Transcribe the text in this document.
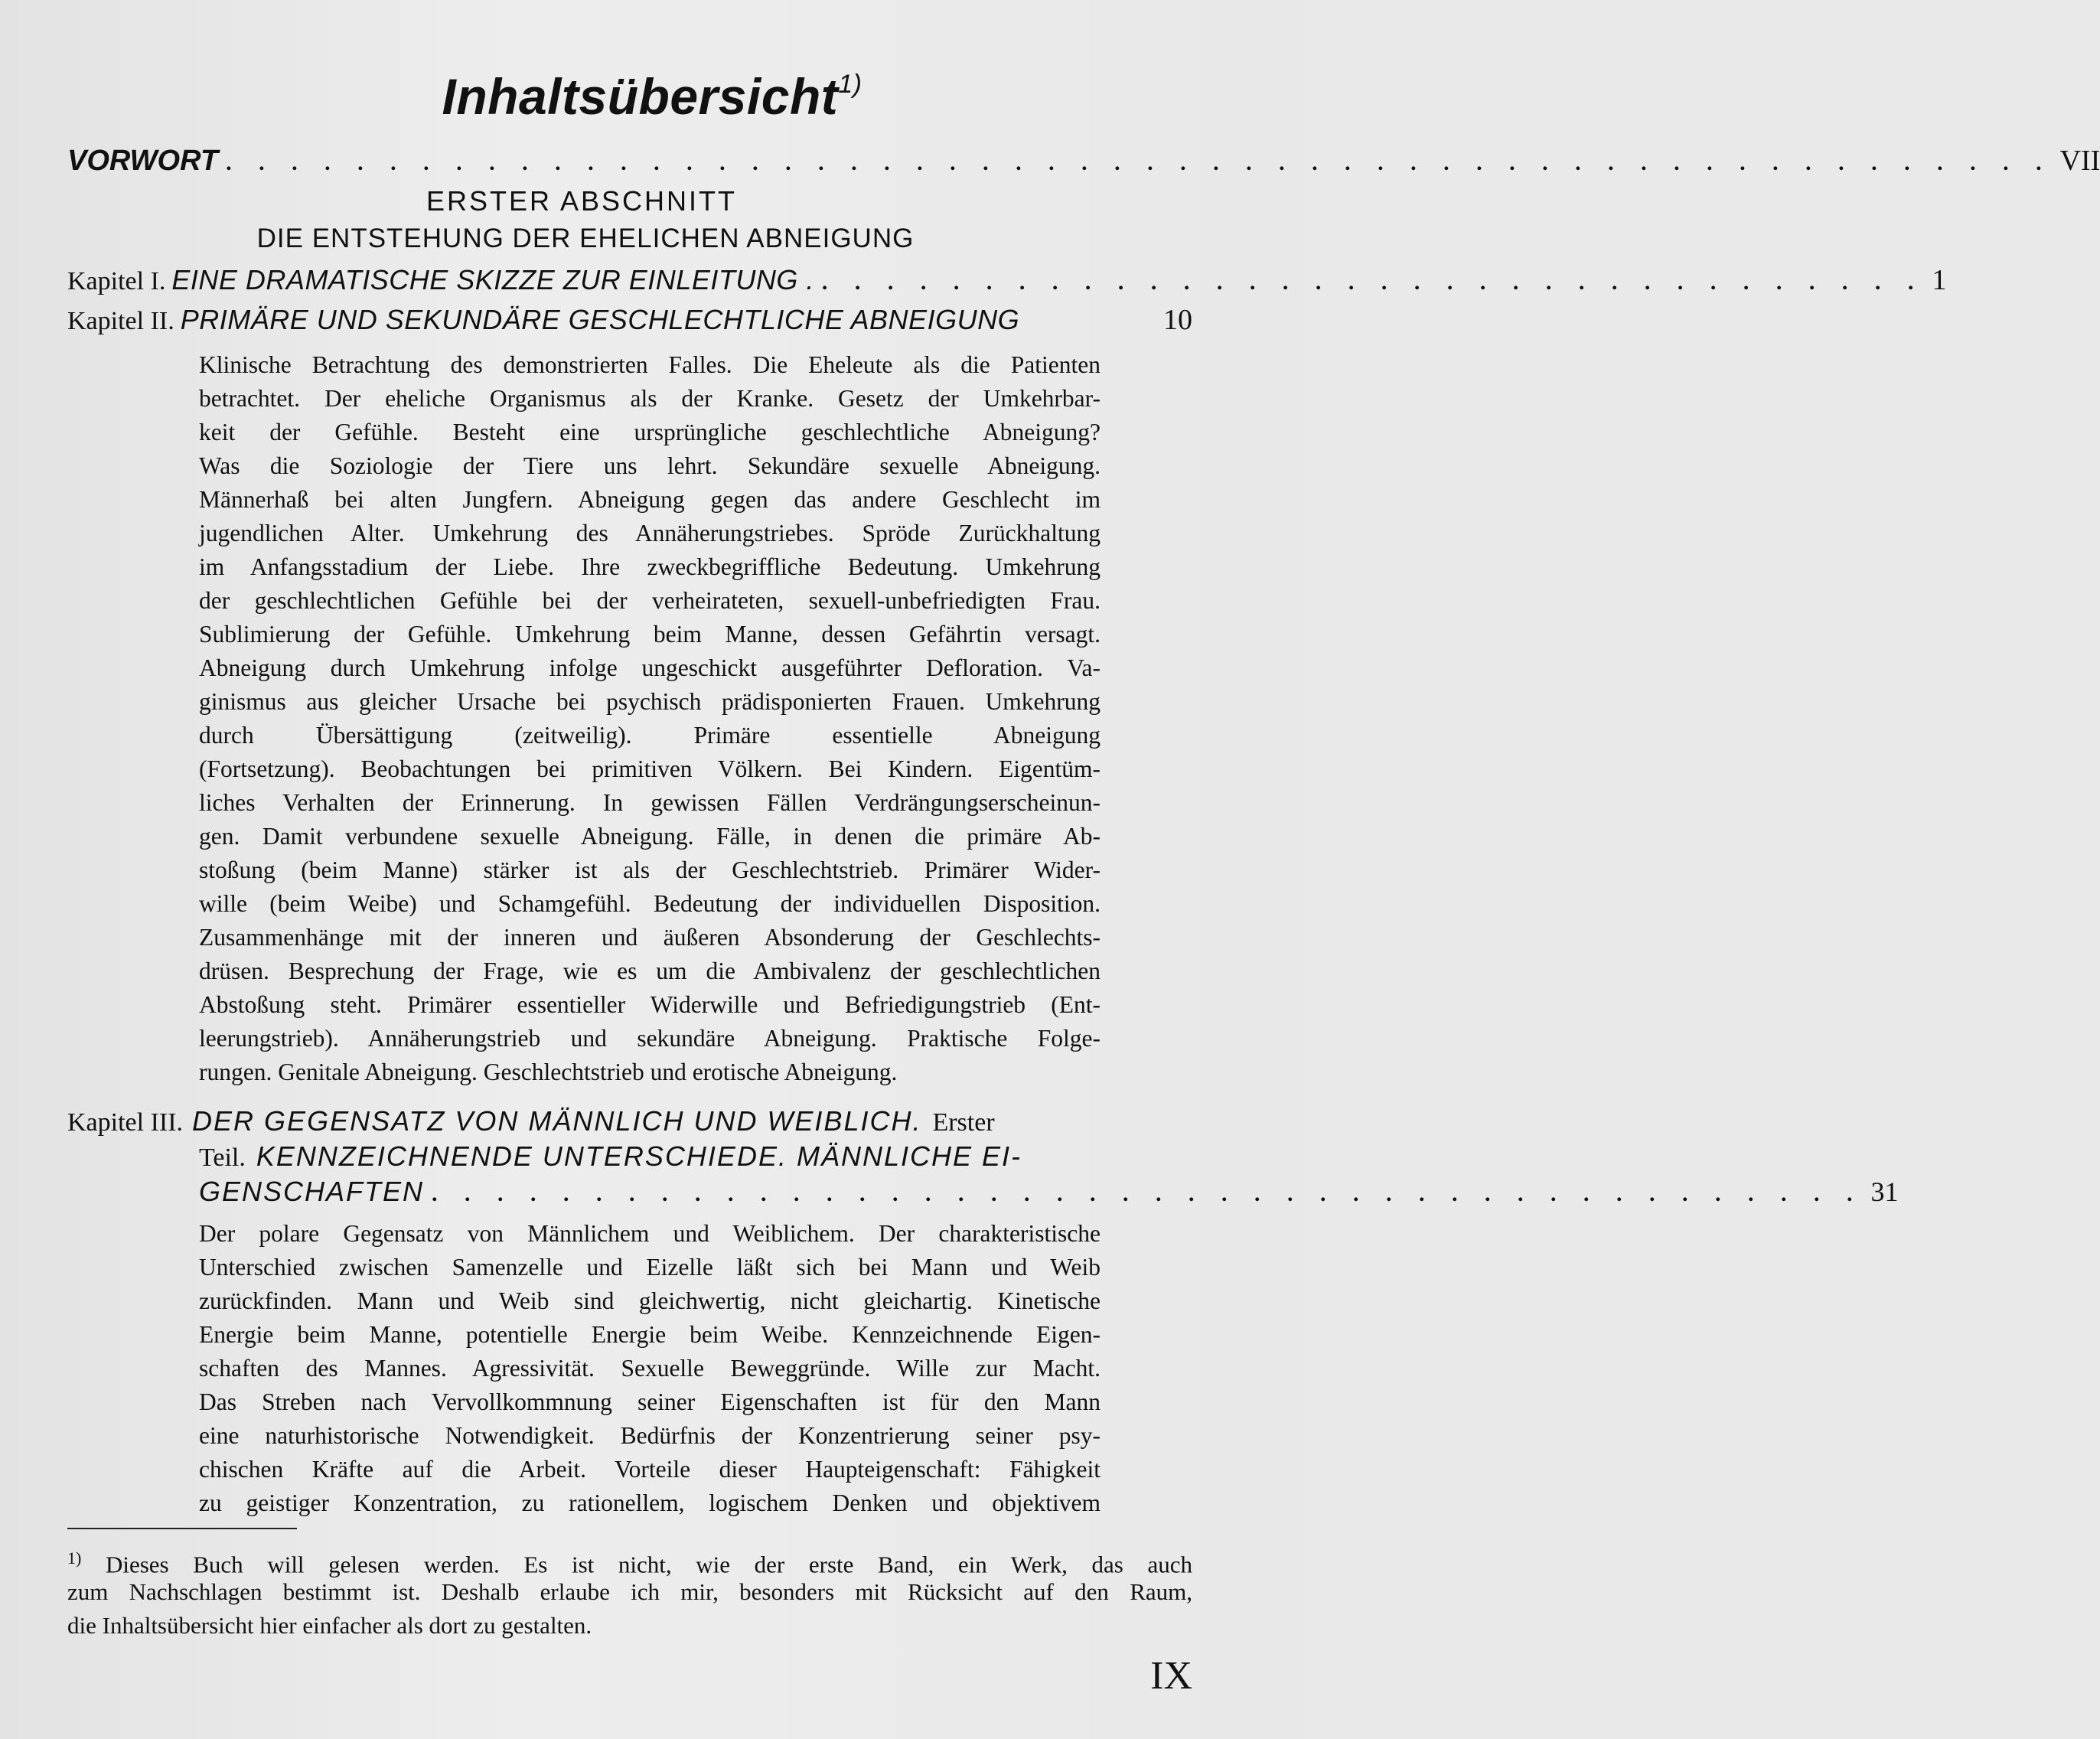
Inhaltsübersicht$^{1)}$
VORWORT . . . . . . . . . . . . . . . . . . . . . . . . . . . . . . . . . . . . . . . . . . . . . . . . . . . . . . . . VII
ERSTER ABSCHNITT
DIE ENTSTEHUNG DER EHELICHEN ABNEIGUNG
Kapitel I. EINE DRAMATISCHE SKIZZE ZUR EINLEITUNG . . . . . . . . . . . . . . . . . . . . . . . . . . . . . . . . . . . 1
Kapitel II. PRIMÄRE UND SEKUNDÄRE GESCHLECHTLICHE ABNEIGUNG	10
Klinische Betrachtung des demonstrierten Falles. Die Eheleute als die Patienten
betrachtet. Der eheliche Organismus als der Kranke. Gesetz der Umkehrbar-
keit der Gefühle. Besteht eine ursprüngliche geschlechtliche Abneigung?
Was die Soziologie der Tiere uns lehrt. Sekundäre sexuelle Abneigung.
Männerhaß bei alten Jungfern. Abneigung gegen das andere Geschlecht im
jugendlichen Alter. Umkehrung des Annäherungstriebes. Spröde Zurückhaltung
im Anfangsstadium der Liebe. Ihre zweckbegriffliche Bedeutung. Umkehrung
der geschlechtlichen Gefühle bei der verheirateten, sexuell-unbefriedigten Frau.
Sublimierung der Gefühle. Umkehrung beim Manne, dessen Gefährtin versagt.
Abneigung durch Umkehrung infolge ungeschickt ausgeführter Defloration. Va-
ginismus aus gleicher Ursache bei psychisch prädisponierten Frauen. Umkehrung
durch Übersättigung (zeitweilig). Primäre essentielle Abneigung
(Fortsetzung). Beobachtungen bei primitiven Völkern. Bei Kindern. Eigentüm-
liches Verhalten der Erinnerung. In gewissen Fällen Verdrängungserscheinun-
gen. Damit verbundene sexuelle Abneigung. Fälle, in denen die primäre Ab-
stoßung (beim Manne) stärker ist als der Geschlechtstrieb. Primärer Wider-
wille (beim Weibe) und Schamgefühl. Bedeutung der individuellen Disposition.
Zusammenhänge mit der inneren und äußeren Absonderung der Geschlechts-
drüsen. Besprechung der Frage, wie es um die Ambivalenz der geschlechtlichen
Abstoßung steht. Primärer essentieller Widerwille und Befriedigungstrieb (Ent-
leerungstrieb). Annäherungstrieb und sekundäre Abneigung. Praktische Folge-
rungen. Genitale Abneigung. Geschlechtstrieb und erotische Abneigung.
Kapitel III. DER GEGENSATZ VON MÄNNLICH UND WEIBLICH. Erster
Teil. KENNZEICHNENDE UNTERSCHIEDE. MÄNNLICHE EI-
GENSCHAFTEN . . . . . . . . . . . . . . . . . . . . . . . . . . . . . . . . . . . . . . . . . . . . 31
Der polare Gegensatz von Männlichem und Weiblichem. Der charakteristische
Unterschied zwischen Samenzelle und Eizelle läßt sich bei Mann und Weib
zurückfinden. Mann und Weib sind gleichwertig, nicht gleichartig. Kinetische
Energie beim Manne, potentielle Energie beim Weibe. Kennzeichnende Eigen-
schaften des Mannes. Agressivität. Sexuelle Beweggründe. Wille zur Macht.
Das Streben nach Vervollkommnung seiner Eigenschaften ist für den Mann
eine naturhistorische Notwendigkeit. Bedürfnis der Konzentrierung seiner psy-
chischen Kräfte auf die Arbeit. Vorteile dieser Haupteigenschaft: Fähigkeit
zu geistiger Konzentration, zu rationellem, logischem Denken und objektivem
$^{1)}$ Dieses Buch will gelesen werden. Es ist nicht, wie der erste Band, ein Werk, das auch
zum Nachschlagen bestimmt ist. Deshalb erlaube ich mir, besonders mit Rücksicht auf den Raum,
die Inhaltsübersicht hier einfacher als dort zu gestalten.
IX
